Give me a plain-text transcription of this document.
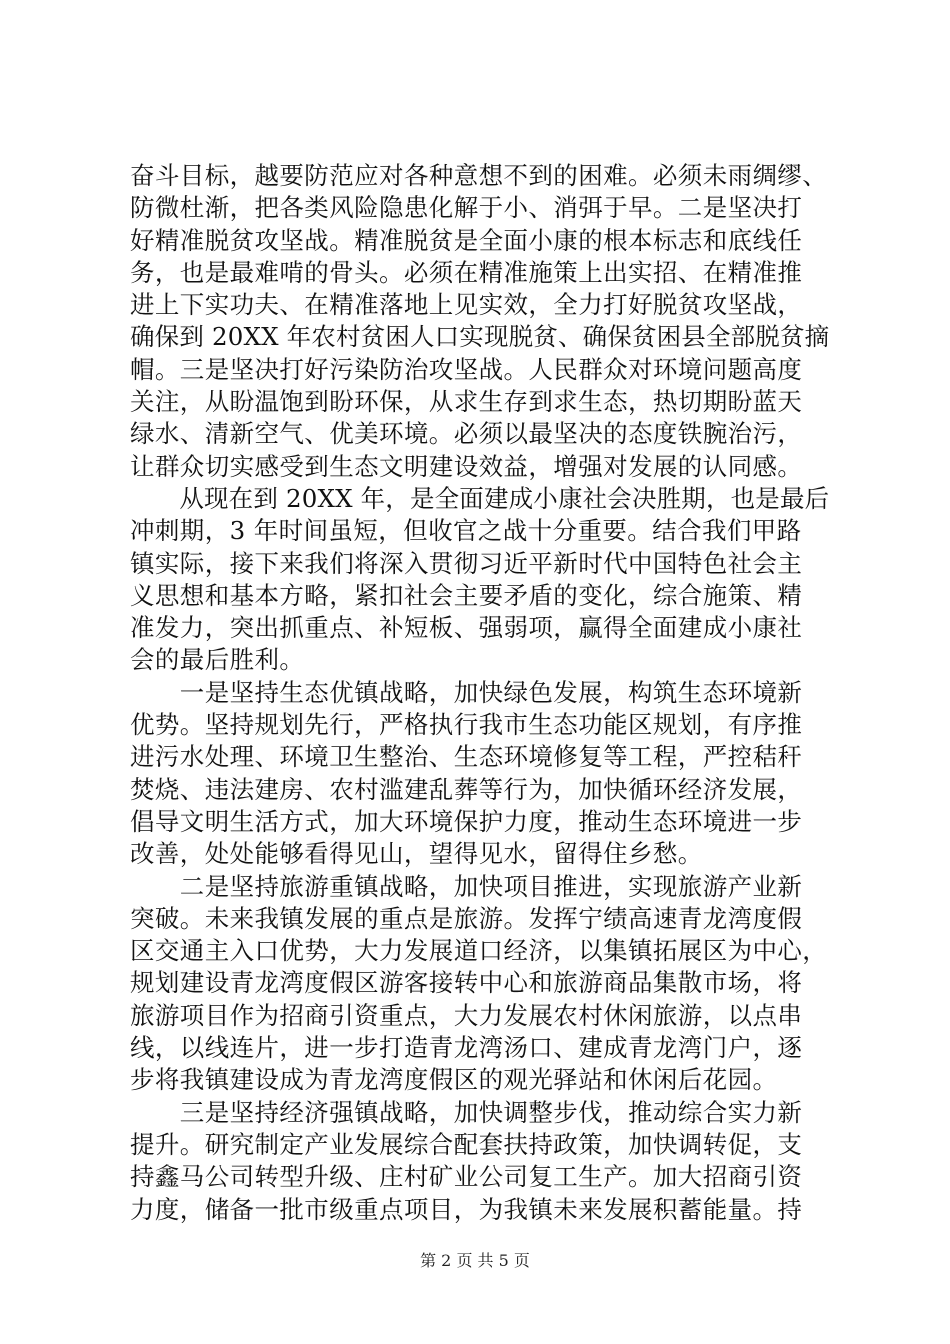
奋斗目标，越要防范应对各种意想不到的困难。必须未雨绸缪、
防微杜渐，把各类风险隐患化解于小、消弭于早。二是坚决打
好精准脱贫攻坚战。精准脱贫是全面小康的根本标志和底线任
务，也是最难啃的骨头。必须在精准施策上出实招、在精准推
进上下实功夫、在精准落地上见实效，全力打好脱贫攻坚战，
确保到 20XX 年农村贫困人口实现脱贫、确保贫困县全部脱贫摘
帽。三是坚决打好污染防治攻坚战。人民群众对环境问题高度
关注，从盼温饱到盼环保，从求生存到求生态，热切期盼蓝天
绿水、清新空气、优美环境。必须以最坚决的态度铁腕治污，
让群众切实感受到生态文明建设效益，增强对发展的认同感。
　　从现在到 20XX 年，是全面建成小康社会决胜期，也是最后
冲刺期，3 年时间虽短，但收官之战十分重要。结合我们甲路
镇实际，接下来我们将深入贯彻习近平新时代中国特色社会主
义思想和基本方略，紧扣社会主要矛盾的变化，综合施策、精
准发力，突出抓重点、补短板、强弱项，赢得全面建成小康社
会的最后胜利。
　　一是坚持生态优镇战略，加快绿色发展，构筑生态环境新
优势。坚持规划先行，严格执行我市生态功能区规划，有序推
进污水处理、环境卫生整治、生态环境修复等工程，严控秸秆
焚烧、违法建房、农村滥建乱葬等行为，加快循环经济发展，
倡导文明生活方式，加大环境保护力度，推动生态环境进一步
改善，处处能够看得见山，望得见水，留得住乡愁。
　　二是坚持旅游重镇战略，加快项目推进，实现旅游产业新
突破。未来我镇发展的重点是旅游。发挥宁绩高速青龙湾度假
区交通主入口优势，大力发展道口经济，以集镇拓展区为中心，
规划建设青龙湾度假区游客接转中心和旅游商品集散市场，将
旅游项目作为招商引资重点，大力发展农村休闲旅游，以点串
线，以线连片，进一步打造青龙湾汤口、建成青龙湾门户，逐
步将我镇建设成为青龙湾度假区的观光驿站和休闲后花园。
　　三是坚持经济强镇战略，加快调整步伐，推动综合实力新
提升。研究制定产业发展综合配套扶持政策，加快调转促，支
持鑫马公司转型升级、庄村矿业公司复工生产。加大招商引资
力度，储备一批市级重点项目，为我镇未来发展积蓄能量。持
第 2 页 共 5 页
